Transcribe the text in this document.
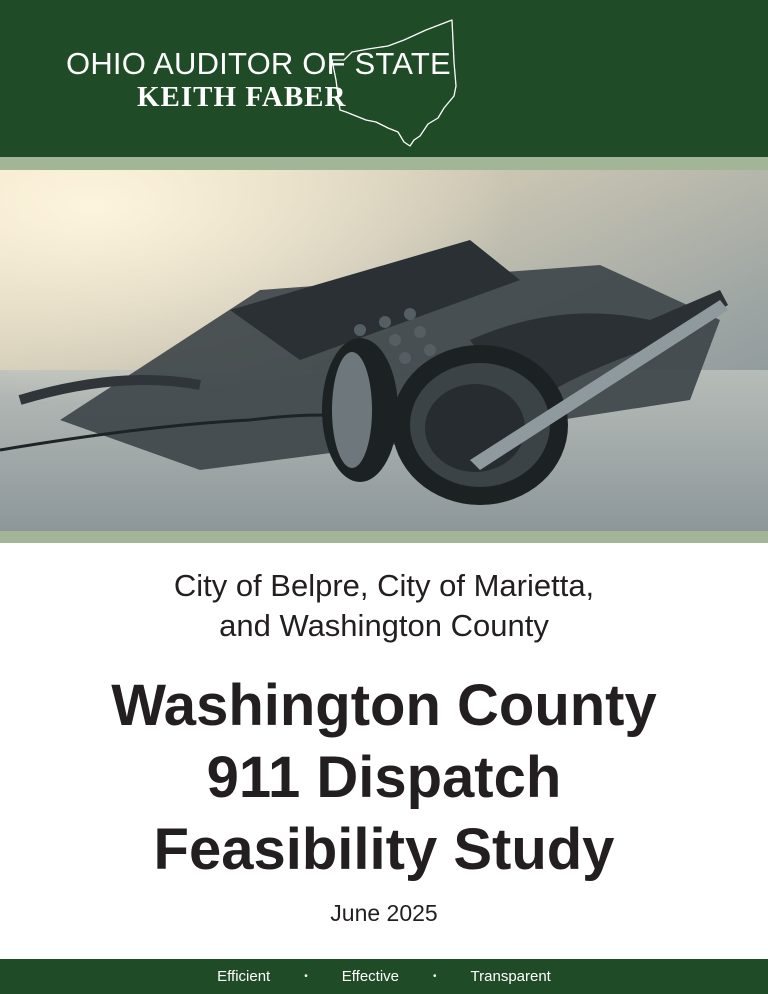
OHIO AUDITOR OF STATE
KEITH FABER
City of Belpre, City of Marietta,
and Washington County
Washington County
911 Dispatch
Feasibility Study
June 2025
Efficient	• Effective	• Transparent
